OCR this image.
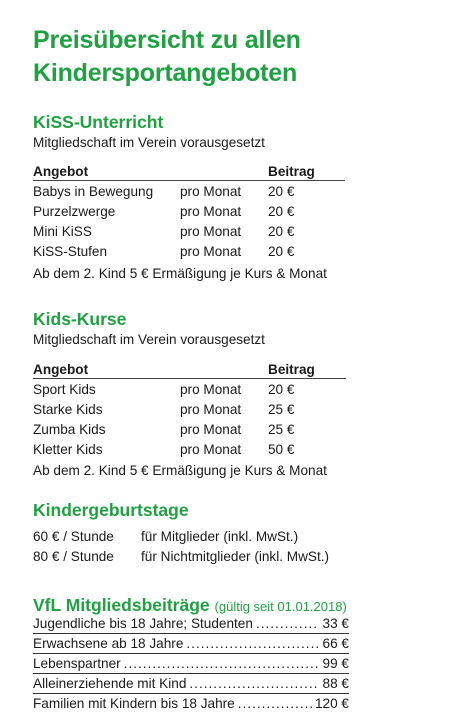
Preisübersicht zu allen Kindersportangeboten
KiSS-Unterricht
Mitgliedschaft im Verein vorausgesetzt
Angebot	Beitrag
Babys in Bewegung pro Monat 20 €
Purzelzwerge	pro Monat 20 €
Mini KiSS	pro Monat 20 €
KiSS-Stufen	pro Monat 20 €
Ab dem 2. Kind 5 € Ermäßigung je Kurs & Monat
Kids-Kurse
Mitgliedschaft im Verein vorausgesetzt
Angebot	Beitrag
Sport Kids	pro Monat 20 €
Starke Kids	pro Monat 25 €
Zumba Kids	pro Monat 25 €
Kletter Kids	pro Monat 50 €
Ab dem 2. Kind 5 € Ermäßigung je Kurs & Monat
Kindergeburtstage
60 € / Stunde für Mitglieder (inkl. MwSt.)
80 € / Stunde für Nichtmitglieder (inkl. MwSt.)
VfL Mitgliedsbeiträge (gültig seit 01.01.2018)
Jugendliche bis 18 Jahre; Studenten .....	33 €
Erwachsene ab 18 Jahre .....	66 €
Lebenspartner .....	99 €
Alleinerziehende mit Kind .....	88 €
Familien mit Kindern bis 18 Jahre .....	120 €
